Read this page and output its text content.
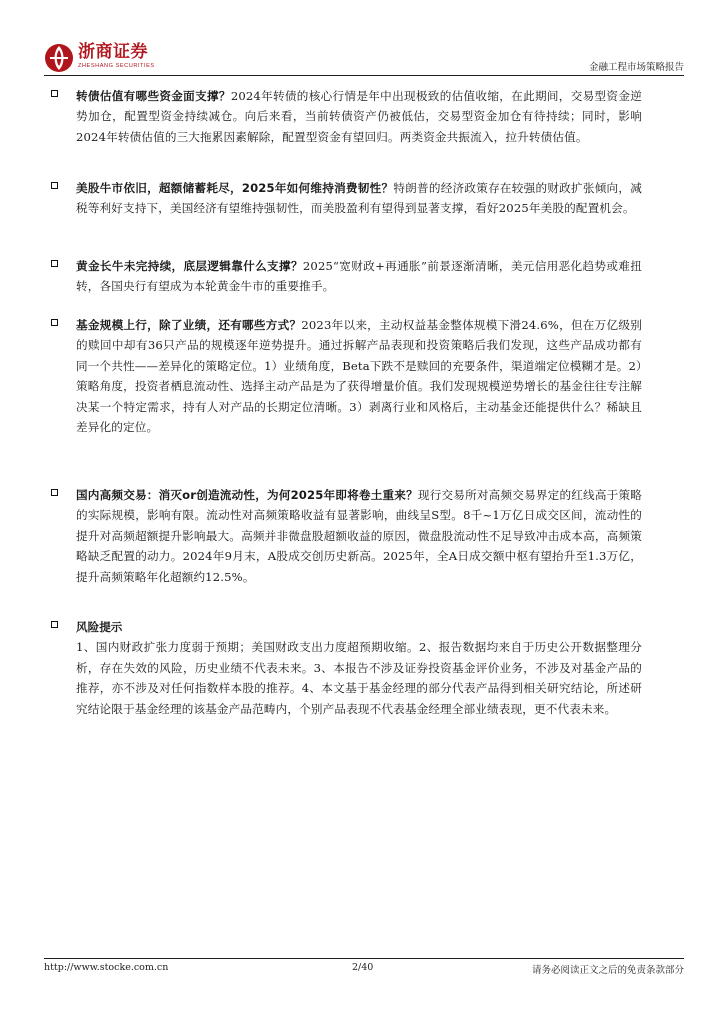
浙商证券
ZHESHANG SECURITIES	金融工程市场策略报告

转债估值有哪些资金面支撑？2024年转债的核心行情是年中出现极致的估值收缩，在此期间，交易型资金逆势加仓，配置型资金持续减仓。向后来看，当前转债资产仍被低估，交易型资金加仓有待持续；同时，影响2024年转债估值的三大拖累因素解除，配置型资金有望回归。两类资金共振流入，拉升转债估值。

美股牛市依旧，超额储蓄耗尽，2025年如何维持消费韧性？特朗普的经济政策存在较强的财政扩张倾向，减税等利好支持下，美国经济有望维持强韧性，而美股盈利有望得到显著支撑，看好2025年美股的配置机会。

黄金长牛未完持续，底层逻辑靠什么支撑？2025“宽财政+再通胀”前景逐渐清晰，美元信用恶化趋势或难扭转，各国央行有望成为本轮黄金牛市的重要推手。

基金规模上行，除了业绩，还有哪些方式？2023年以来，主动权益基金整体规模下滑24.6%，但在万亿级别的赎回中却有36只产品的规模逐年逆势提升。通过拆解产品表现和投资策略后我们发现，这些产品成功都有同一个共性——差异化的策略定位。1）业绩角度，Beta下跌不是赎回的充要条件，渠道端定位模糊才是。2）策略角度，投资者栖息流动性、选择主动产品是为了获得增量价值。我们发现规模逆势增长的基金往往专注解决某一个特定需求，持有人对产品的长期定位清晰。3）剥离行业和风格后，主动基金还能提供什么？稀缺且差异化的定位。

国内高频交易：消灭or创造流动性，为何2025年即将卷土重来？现行交易所对高频交易界定的红线高于策略的实际规模，影响有限。流动性对高频策略收益有显著影响，曲线呈S型。8千~1万亿日成交区间，流动性的提升对高频超额提升影响最大。高频并非微盘股超额收益的原因，微盘股流动性不足导致冲击成本高，高频策略缺乏配置的动力。2024年9月末，A股成交创历史新高。2025年，全A日成交额中枢有望抬升至1.3万亿，提升高频策略年化超额约12.5%。

风险提示

1、国内财政扩张力度弱于预期；美国财政支出力度超预期收缩。2、报告数据均来自于历史公开数据整理分析，存在失效的风险，历史业绩不代表未来。3、本报告不涉及证券投资基金评价业务，不涉及对基金产品的推荐，亦不涉及对任何指数样本股的推荐。4、本文基于基金经理的部分代表产品得到相关研究结论，所述研究结论限于基金经理的该基金产品范畴内，个别产品表现不代表基金经理全部业绩表现，更不代表未来。

http://www.stocke.com.cn	2/40	请务必阅读正文之后的免责条款部分
